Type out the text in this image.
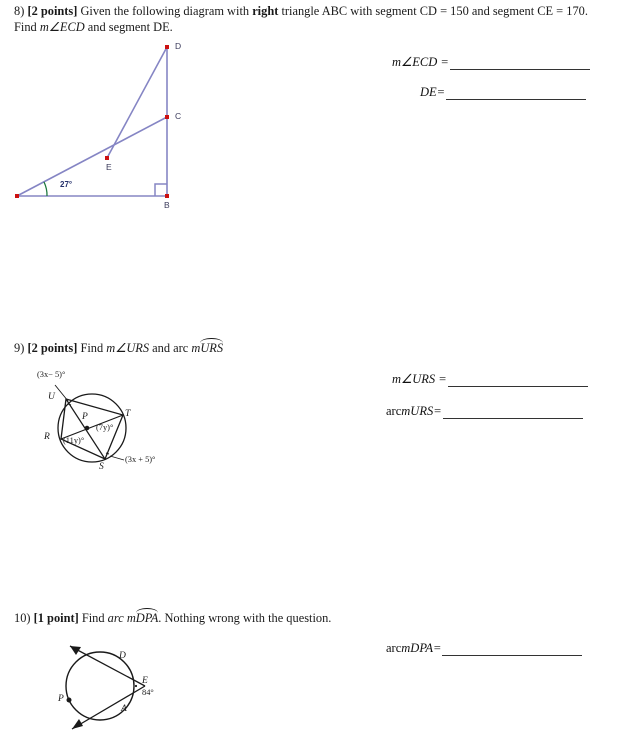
8) [2 points] Given the following diagram with right triangle ABC with segment CD = 150 and segment CE = 170.
Find m∠ECD and segment DE.
D
C
B
E
27°
m∠ECD =
DE=
9) [2 points] Find m∠URS and arc mURS
(3x− 5)°
U
T
S
R
P
(7y)°
(11y)°
(3x + 5)°
m∠URS =
arc mURS=
10) [1 point] Find arc mDPA. Nothing wrong with the question.
D
A
E
84°
P
arc mDPA=
